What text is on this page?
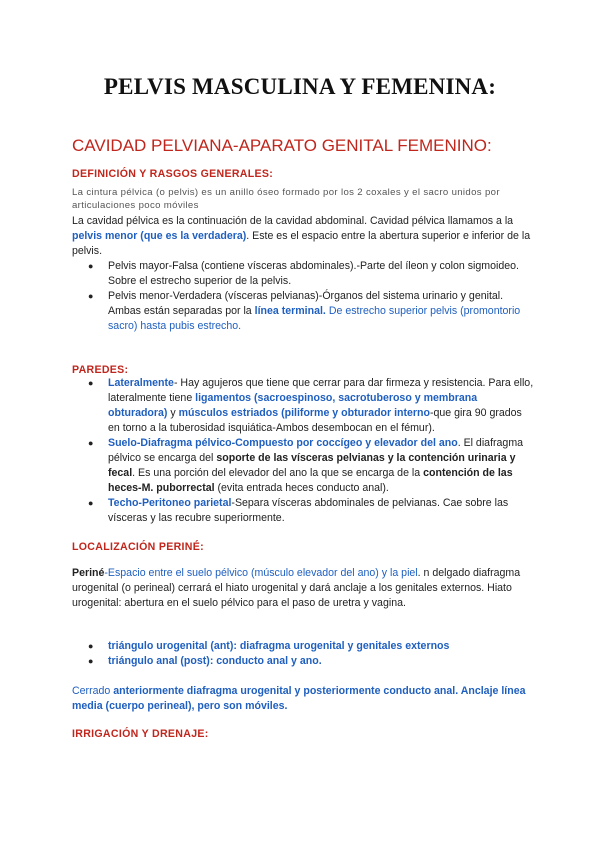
PELVIS MASCULINA Y FEMENINA:
CAVIDAD PELVIANA-APARATO GENITAL FEMENINO:
DEFINICIÓN Y RASGOS GENERALES:
La cintura pélvica (o pelvis) es un anillo óseo formado por los 2 coxales y el sacro unidos por articulaciones poco móviles
La cavidad pélvica es la continuación de la cavidad abdominal. Cavidad pélvica llamamos a la pelvis menor (que es la verdadera). Este es el espacio entre la abertura superior e inferior de la pelvis.
● Pelvis mayor-Falsa (contiene vísceras abdominales).-Parte del íleon y colon sigmoideo. Sobre el estrecho superior de la pelvis.
● Pelvis menor-Verdadera (vísceras pelvianas)-Órganos del sistema urinario y genital. Ambas están separadas por la línea terminal. De estrecho superior pelvis (promontorio sacro) hasta pubis estrecho.
PAREDES:
● Lateralmente- Hay agujeros que tiene que cerrar para dar firmeza y resistencia. Para ello, lateralmente tiene ligamentos (sacroespinoso, sacrotuberoso y membrana obturadora) y músculos estriados (piliforme y obturador interno-que gira 90 grados en torno a la tuberosidad isquiática-Ambos desembocan en el fémur).
● Suelo-Diafragma pélvico-Compuesto por coccígeo y elevador del ano. El diafragma pélvico se encarga del soporte de las vísceras pelvianas y la contención urinaria y fecal. Es una porción del elevador del ano la que se encarga de la contención de las heces-M. puborrectal (evita entrada heces conducto anal).
● Techo-Peritoneo parietal-Separa vísceras abdominales de pelvianas. Cae sobre las vísceras y las recubre superiormente.
LOCALIZACIÓN PERINÉ:
Periné-Espacio entre el suelo pélvico (músculo elevador del ano) y la piel. n delgado diafragma urogenital (o perineal) cerrará el hiato urogenital y dará anclaje a los genitales externos. Hiato urogenital: abertura en el suelo pélvico para el paso de uretra y vagina.
● triángulo urogenital (ant): diafragma urogenital y genitales externos
● triángulo anal (post): conducto anal y ano.
Cerrado anteriormente diafragma urogenital y posteriormente conducto anal. Anclaje línea media (cuerpo perineal), pero son móviles.
IRRIGACIÓN Y DRENAJE:
